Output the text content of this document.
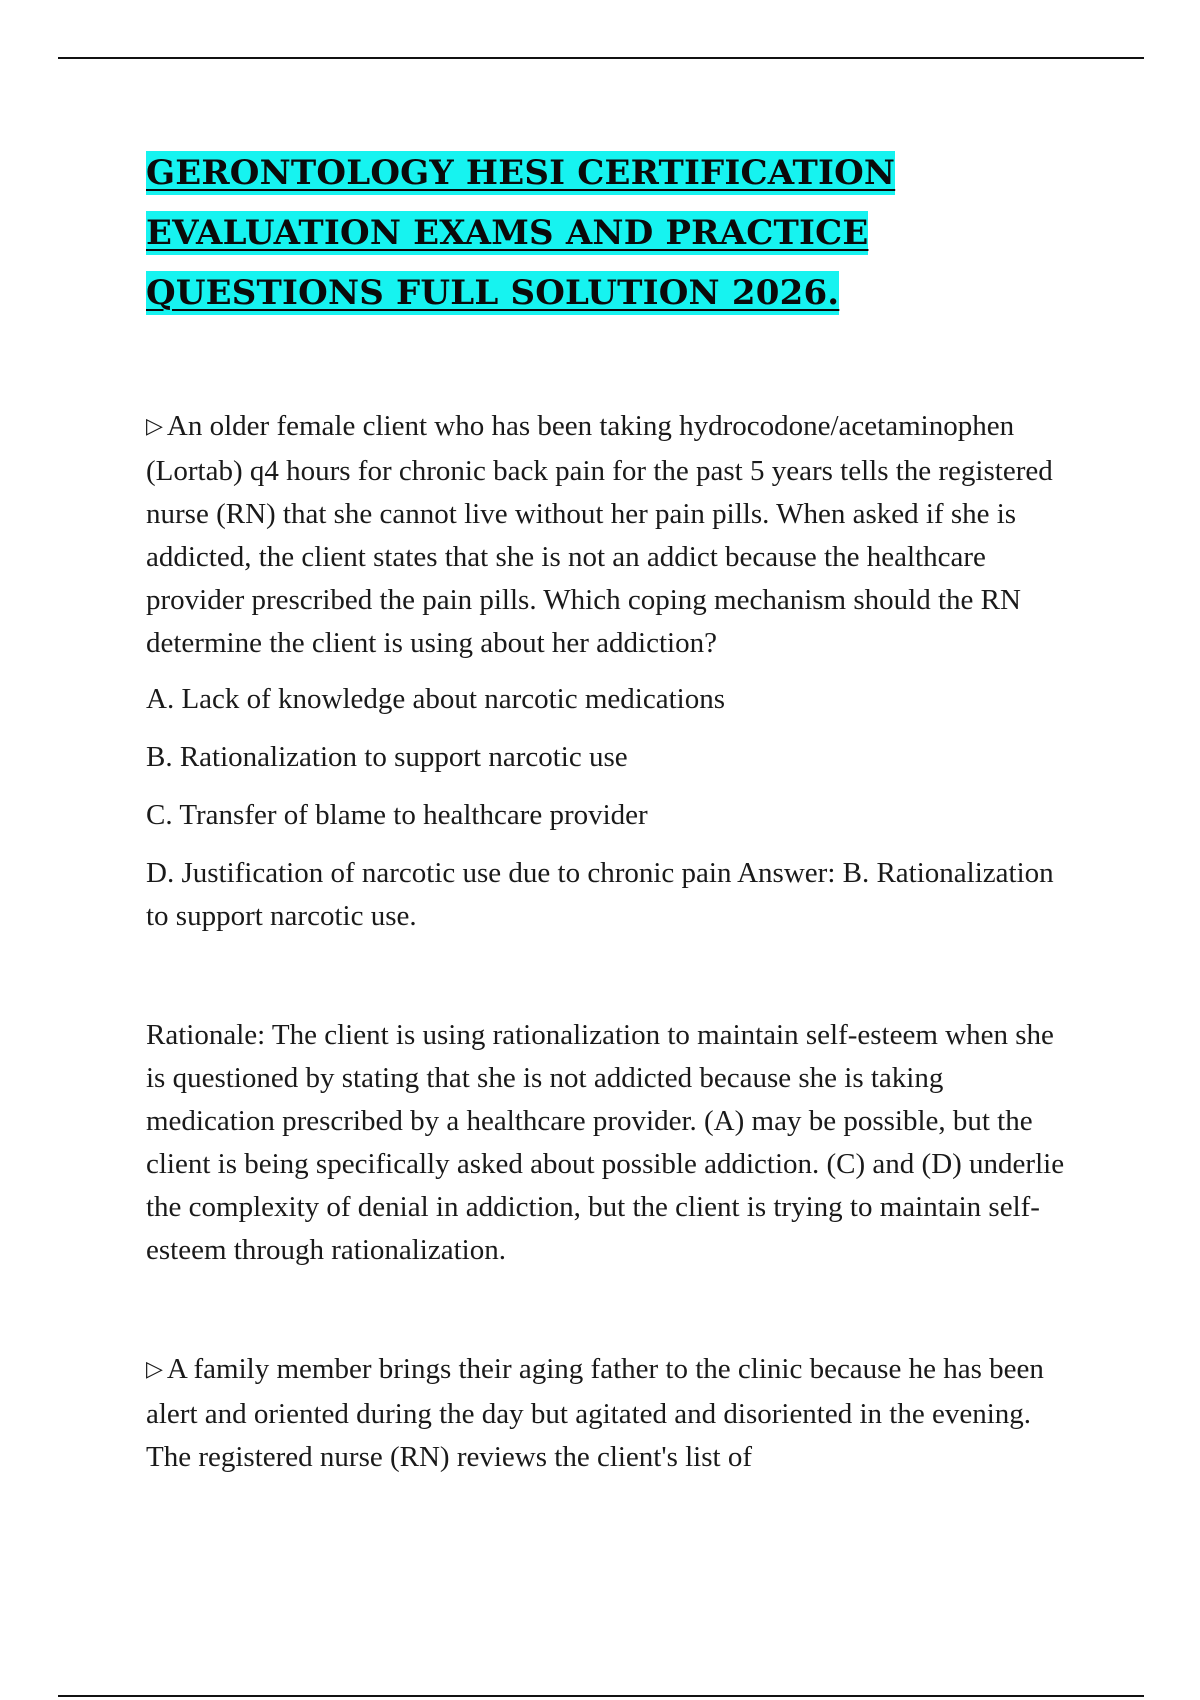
GERONTOLOGY HESI CERTIFICATION EVALUATION EXAMS AND PRACTICE QUESTIONS FULL SOLUTION 2026.

▷ An older female client who has been taking hydrocodone/acetaminophen (Lortab) q4 hours for chronic back pain for the past 5 years tells the registered nurse (RN) that she cannot live without her pain pills. When asked if she is addicted, the client states that she is not an addict because the healthcare provider prescribed the pain pills. Which coping mechanism should the RN determine the client is using about her addiction?

A. Lack of knowledge about narcotic medications

B. Rationalization to support narcotic use

C. Transfer of blame to healthcare provider

D. Justification of narcotic use due to chronic pain Answer: B. Rationalization to support narcotic use.

Rationale: The client is using rationalization to maintain self-esteem when she is questioned by stating that she is not addicted because she is taking medication prescribed by a healthcare provider. (A) may be possible, but the client is being specifically asked about possible addiction. (C) and (D) underlie the complexity of denial in addiction, but the client is trying to maintain self-esteem through rationalization.

▷ A family member brings their aging father to the clinic because he has been alert and oriented during the day but agitated and disoriented in the evening. The registered nurse (RN) reviews the client's list of
